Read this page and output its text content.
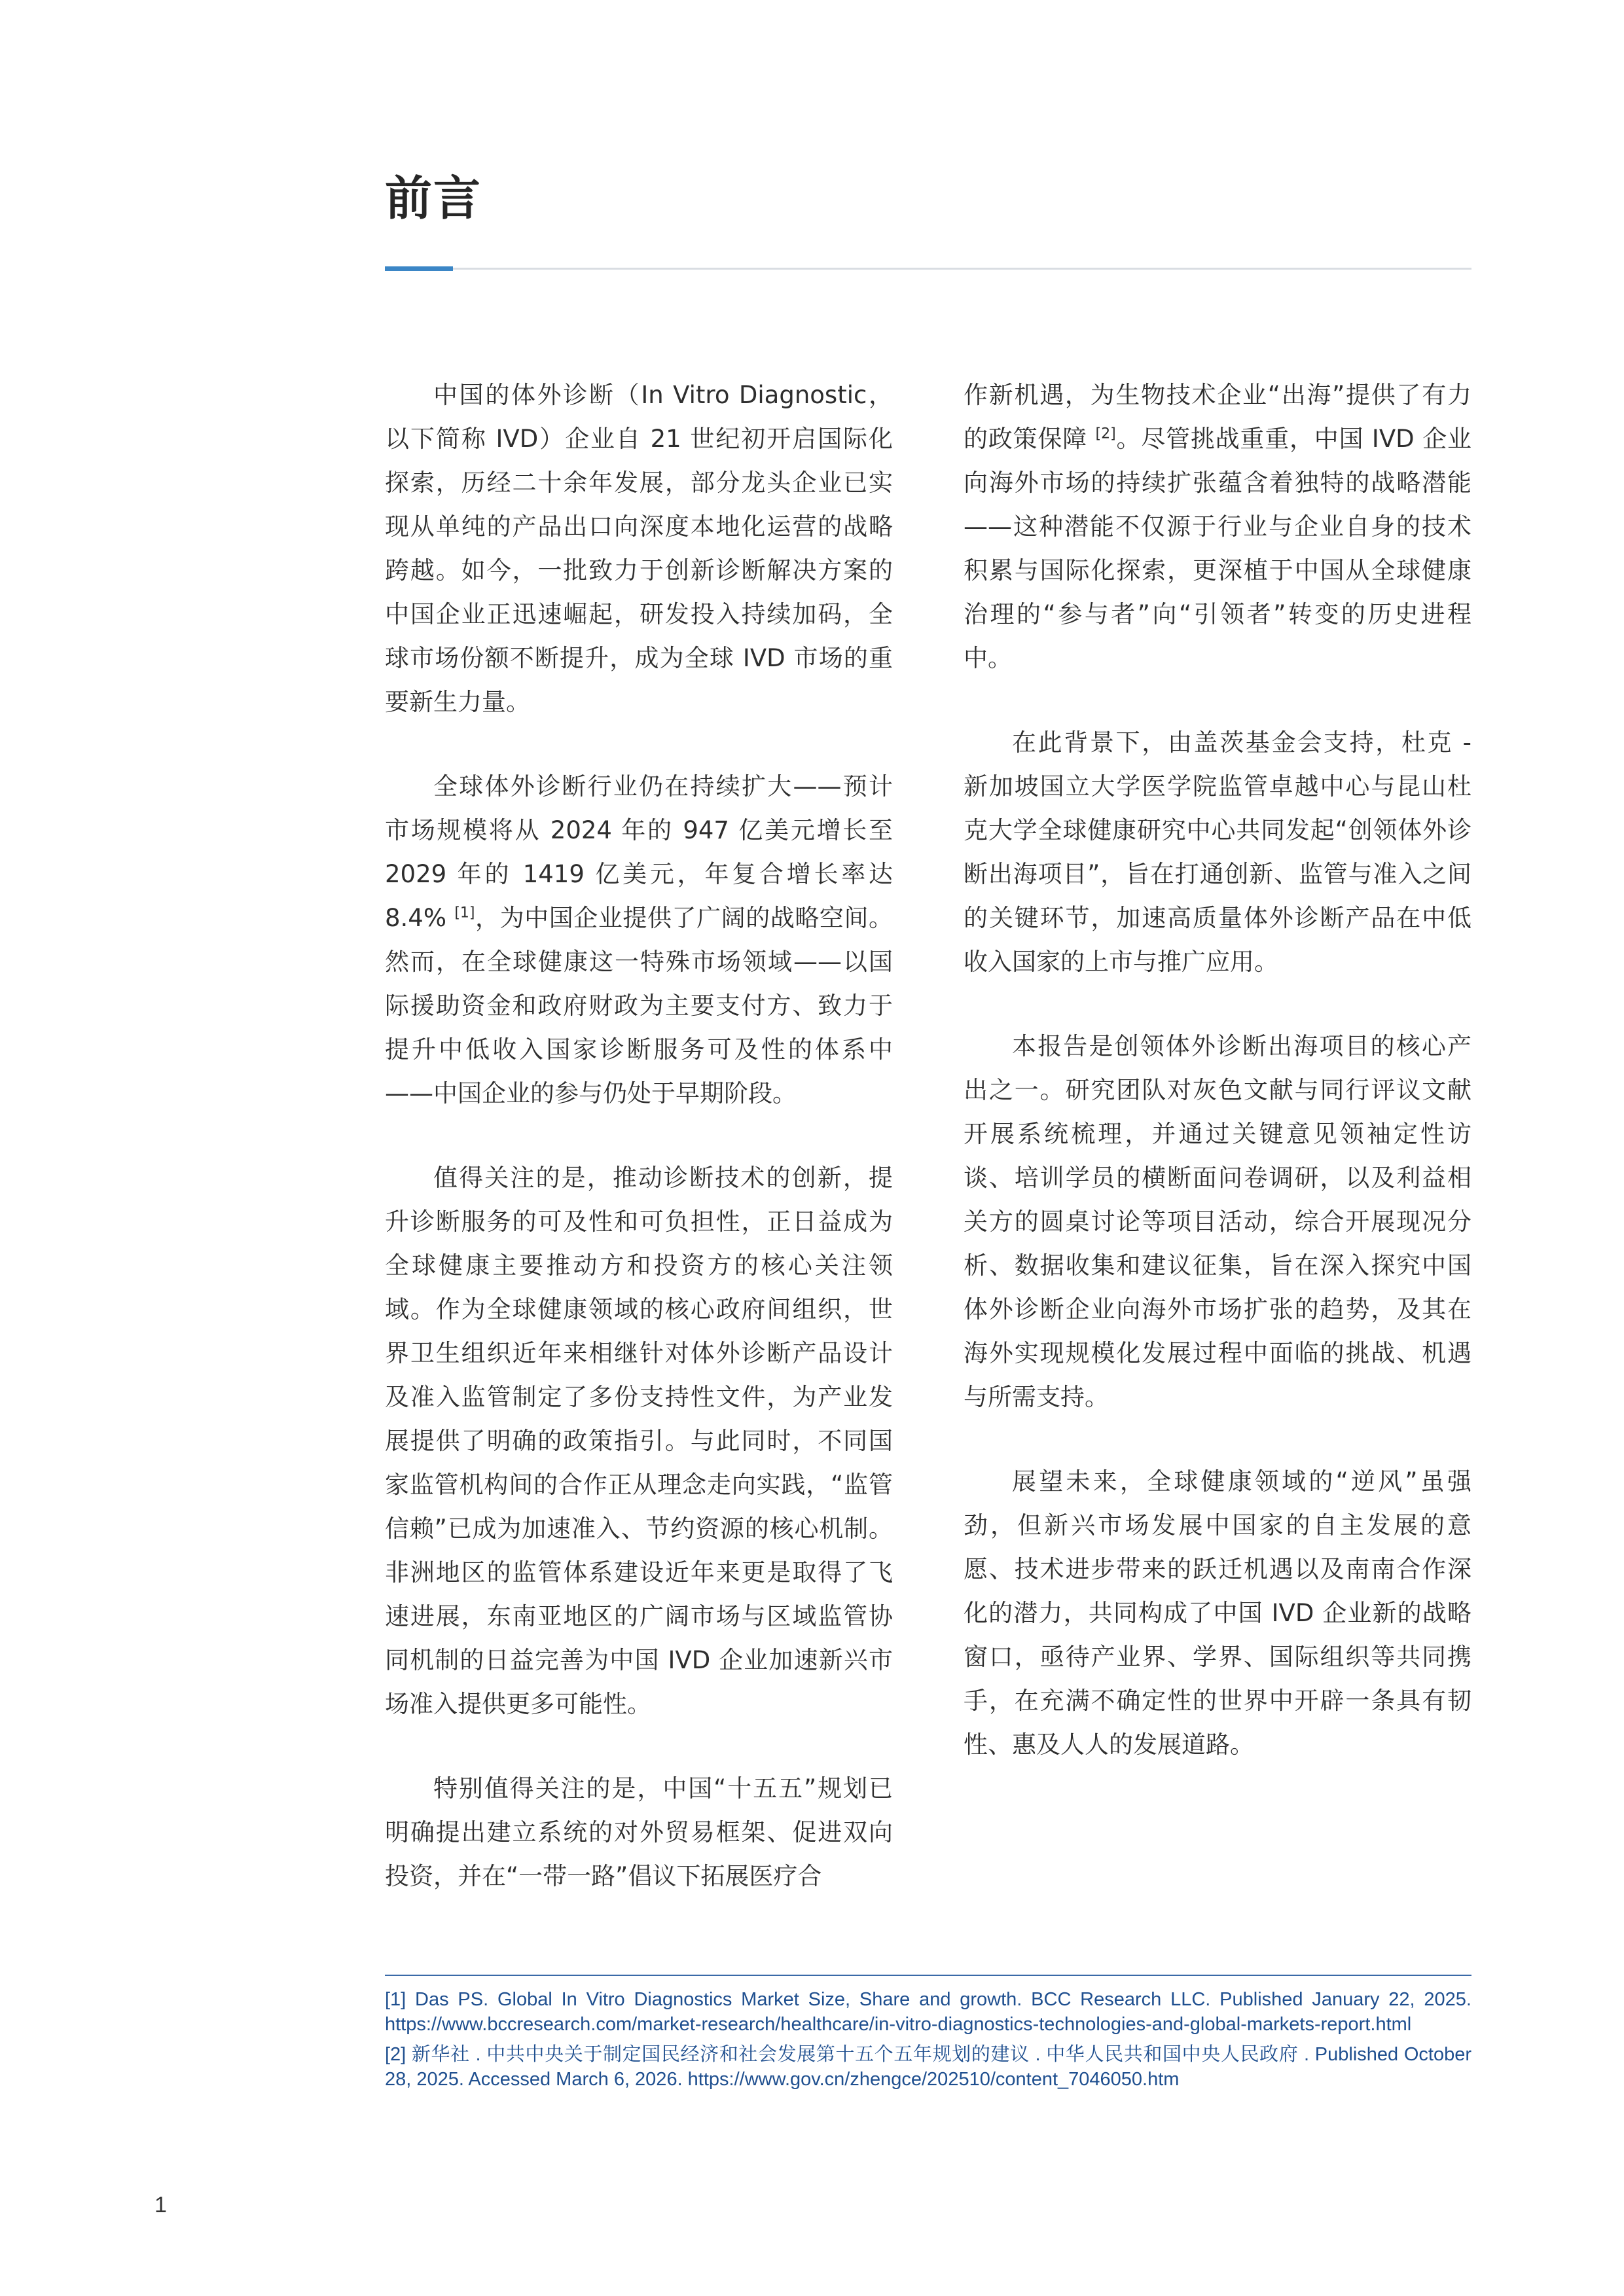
前言

中国的体外诊断（In Vitro Diagnostic，以下简称 IVD）企业自 21 世纪初开启国际化探索，历经二十余年发展，部分龙头企业已实现从单纯的产品出口向深度本地化运营的战略跨越。如今，一批致力于创新诊断解决方案的中国企业正迅速崛起，研发投入持续加码，全球市场份额不断提升，成为全球 IVD 市场的重要新生力量。

全球体外诊断行业仍在持续扩大——预计市场规模将从 2024 年的 947 亿美元增长至 2029 年的 1419 亿美元，年复合增长率达 8.4% [1]，为中国企业提供了广阔的战略空间。然而，在全球健康这一特殊市场领域——以国际援助资金和政府财政为主要支付方、致力于提升中低收入国家诊断服务可及性的体系中——中国企业的参与仍处于早期阶段。

值得关注的是，推动诊断技术的创新，提升诊断服务的可及性和可负担性，正日益成为全球健康主要推动方和投资方的核心关注领域。作为全球健康领域的核心政府间组织，世界卫生组织近年来相继针对体外诊断产品设计及准入监管制定了多份支持性文件，为产业发展提供了明确的政策指引。与此同时，不同国家监管机构间的合作正从理念走向实践，“监管信赖”已成为加速准入、节约资源的核心机制。非洲地区的监管体系建设近年来更是取得了飞速进展，东南亚地区的广阔市场与区域监管协同机制的日益完善为中国 IVD 企业加速新兴市场准入提供更多可能性。

特别值得关注的是，中国“十五五”规划已明确提出建立系统的对外贸易框架、促进双向投资，并在“一带一路”倡议下拓展医疗合

作新机遇，为生物技术企业“出海”提供了有力的政策保障 [2]。尽管挑战重重，中国 IVD 企业向海外市场的持续扩张蕴含着独特的战略潜能——这种潜能不仅源于行业与企业自身的技术积累与国际化探索，更深植于中国从全球健康治理的“参与者”向“引领者”转变的历史进程中。

在此背景下，由盖茨基金会支持，杜克 - 新加坡国立大学医学院监管卓越中心与昆山杜克大学全球健康研究中心共同发起“创领体外诊断出海项目”，旨在打通创新、监管与准入之间的关键环节，加速高质量体外诊断产品在中低收入国家的上市与推广应用。

本报告是创领体外诊断出海项目的核心产出之一。研究团队对灰色文献与同行评议文献开展系统梳理，并通过关键意见领袖定性访谈、培训学员的横断面问卷调研，以及利益相关方的圆桌讨论等项目活动，综合开展现况分析、数据收集和建议征集，旨在深入探究中国体外诊断企业向海外市场扩张的趋势，及其在海外实现规模化发展过程中面临的挑战、机遇与所需支持。

展望未来，全球健康领域的“逆风”虽强劲，但新兴市场发展中国家的自主发展的意愿、技术进步带来的跃迁机遇以及南南合作深化的潜力，共同构成了中国 IVD 企业新的战略窗口，亟待产业界、学界、国际组织等共同携手，在充满不确定性的世界中开辟一条具有韧性、惠及人人的发展道路。

[1] Das PS. Global In Vitro Diagnostics Market Size, Share and growth. BCC Research LLC. Published January 22, 2025. https://www.bccresearch.com/market-research/healthcare/in-vitro-diagnostics-technologies-and-global-markets-report.html

[2] 新华社 . 中共中央关于制定国民经济和社会发展第十五个五年规划的建议 . 中华人民共和国中央人民政府 . Published October 28, 2025. Accessed March 6, 2026. https://www.gov.cn/zhengce/202510/content_7046050.htm

1
